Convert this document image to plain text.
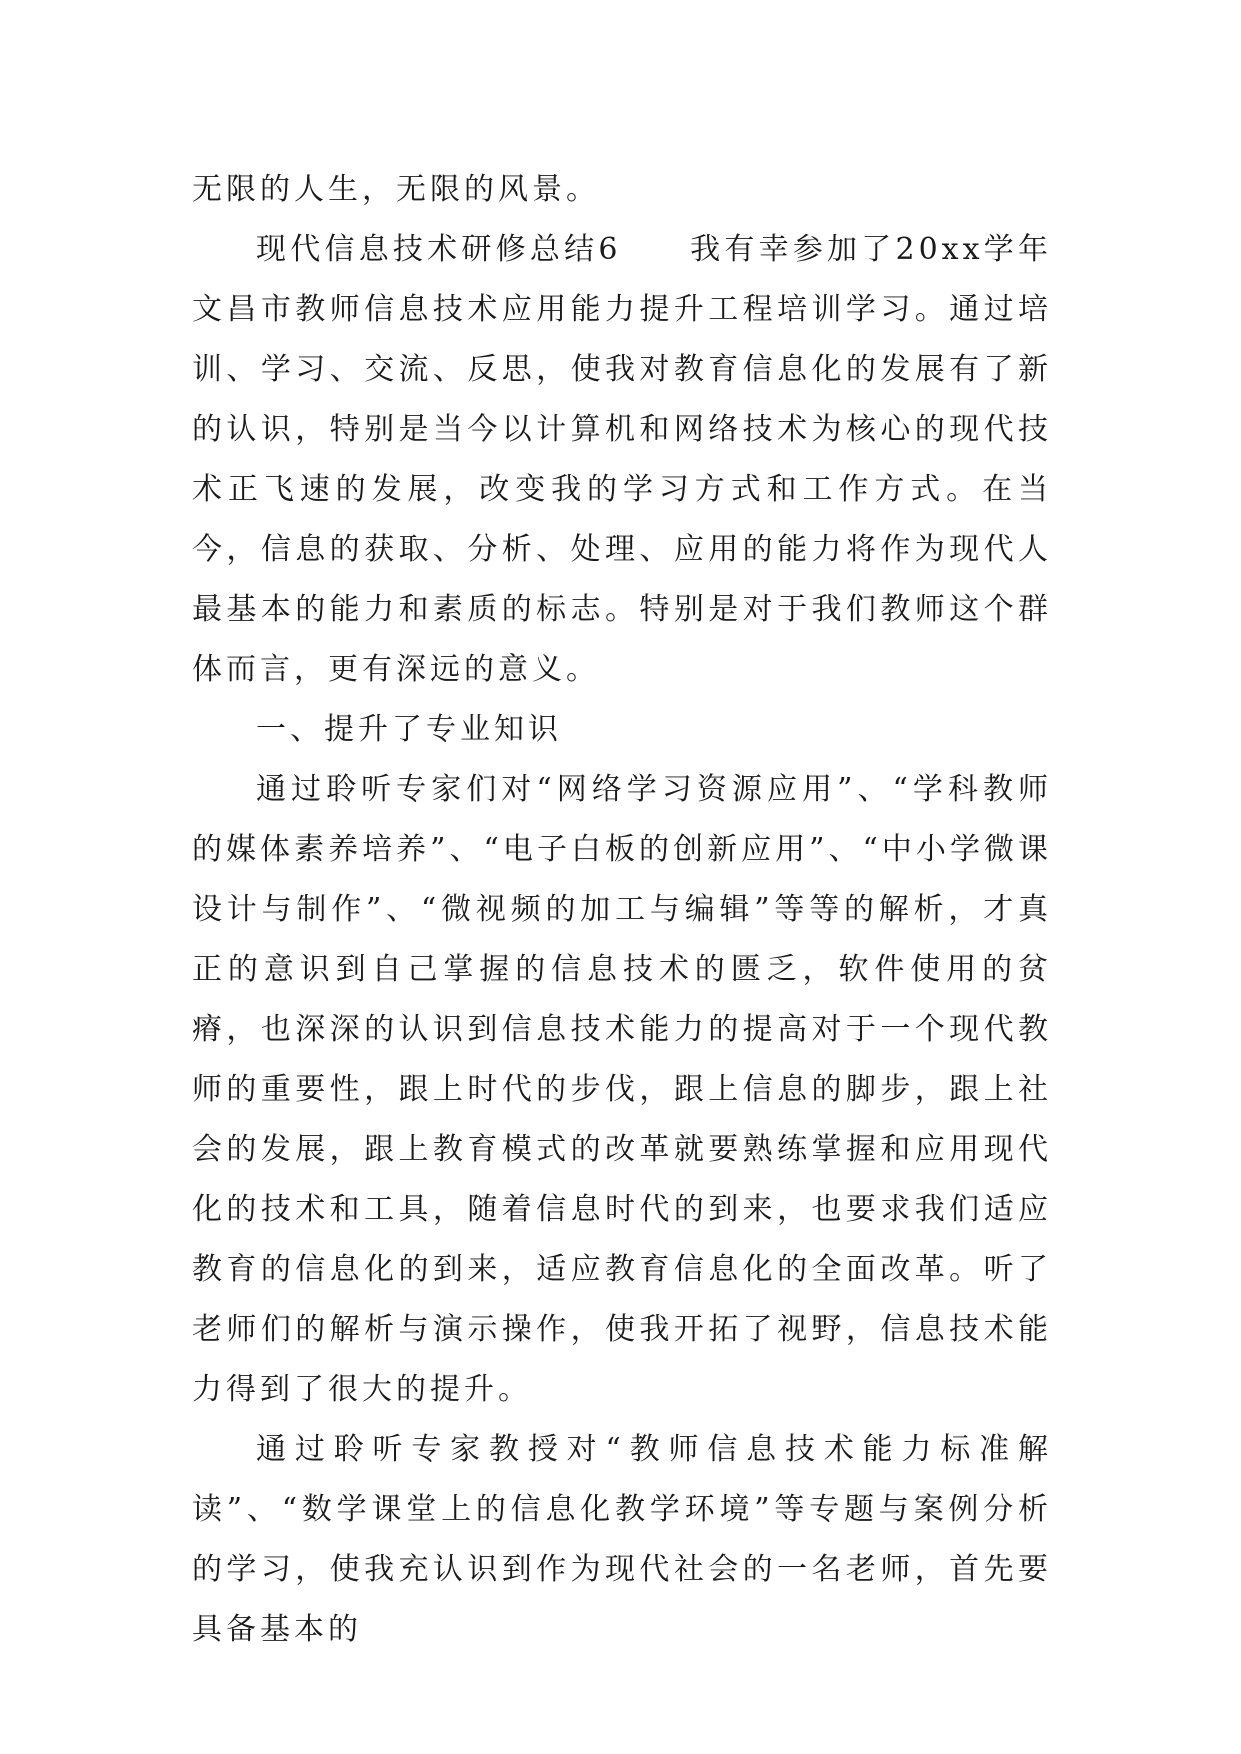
无限的人生，无限的风景。

现代信息技术研修总结6　　我有幸参加了20xx学年文昌市教师信息技术应用能力提升工程培训学习。通过培训、学习、交流、反思，使我对教育信息化的发展有了新的认识，特别是当今以计算机和网络技术为核心的现代技术正飞速的发展，改变我的学习方式和工作方式。在当今，信息的获取、分析、处理、应用的能力将作为现代人最基本的能力和素质的标志。特别是对于我们教师这个群体而言，更有深远的意义。

一、提升了专业知识

通过聆听专家们对“网络学习资源应用”、“学科教师的媒体素养培养”、“电子白板的创新应用”、“中小学微课设计与制作”、“微视频的加工与编辑”等等的解析，才真正的意识到自己掌握的信息技术的匮乏，软件使用的贫瘠，也深深的认识到信息技术能力的提高对于一个现代教师的重要性，跟上时代的步伐，跟上信息的脚步，跟上社会的发展，跟上教育模式的改革就要熟练掌握和应用现代化的技术和工具，随着信息时代的到来，也要求我们适应教育的信息化的到来，适应教育信息化的全面改革。听了老师们的解析与演示操作，使我开拓了视野，信息技术能力得到了很大的提升。

通过聆听专家教授对“教师信息技术能力标准解读”、“数学课堂上的信息化教学环境”等专题与案例分析的学习，使我充认识到作为现代社会的一名老师，首先要具备基本的
